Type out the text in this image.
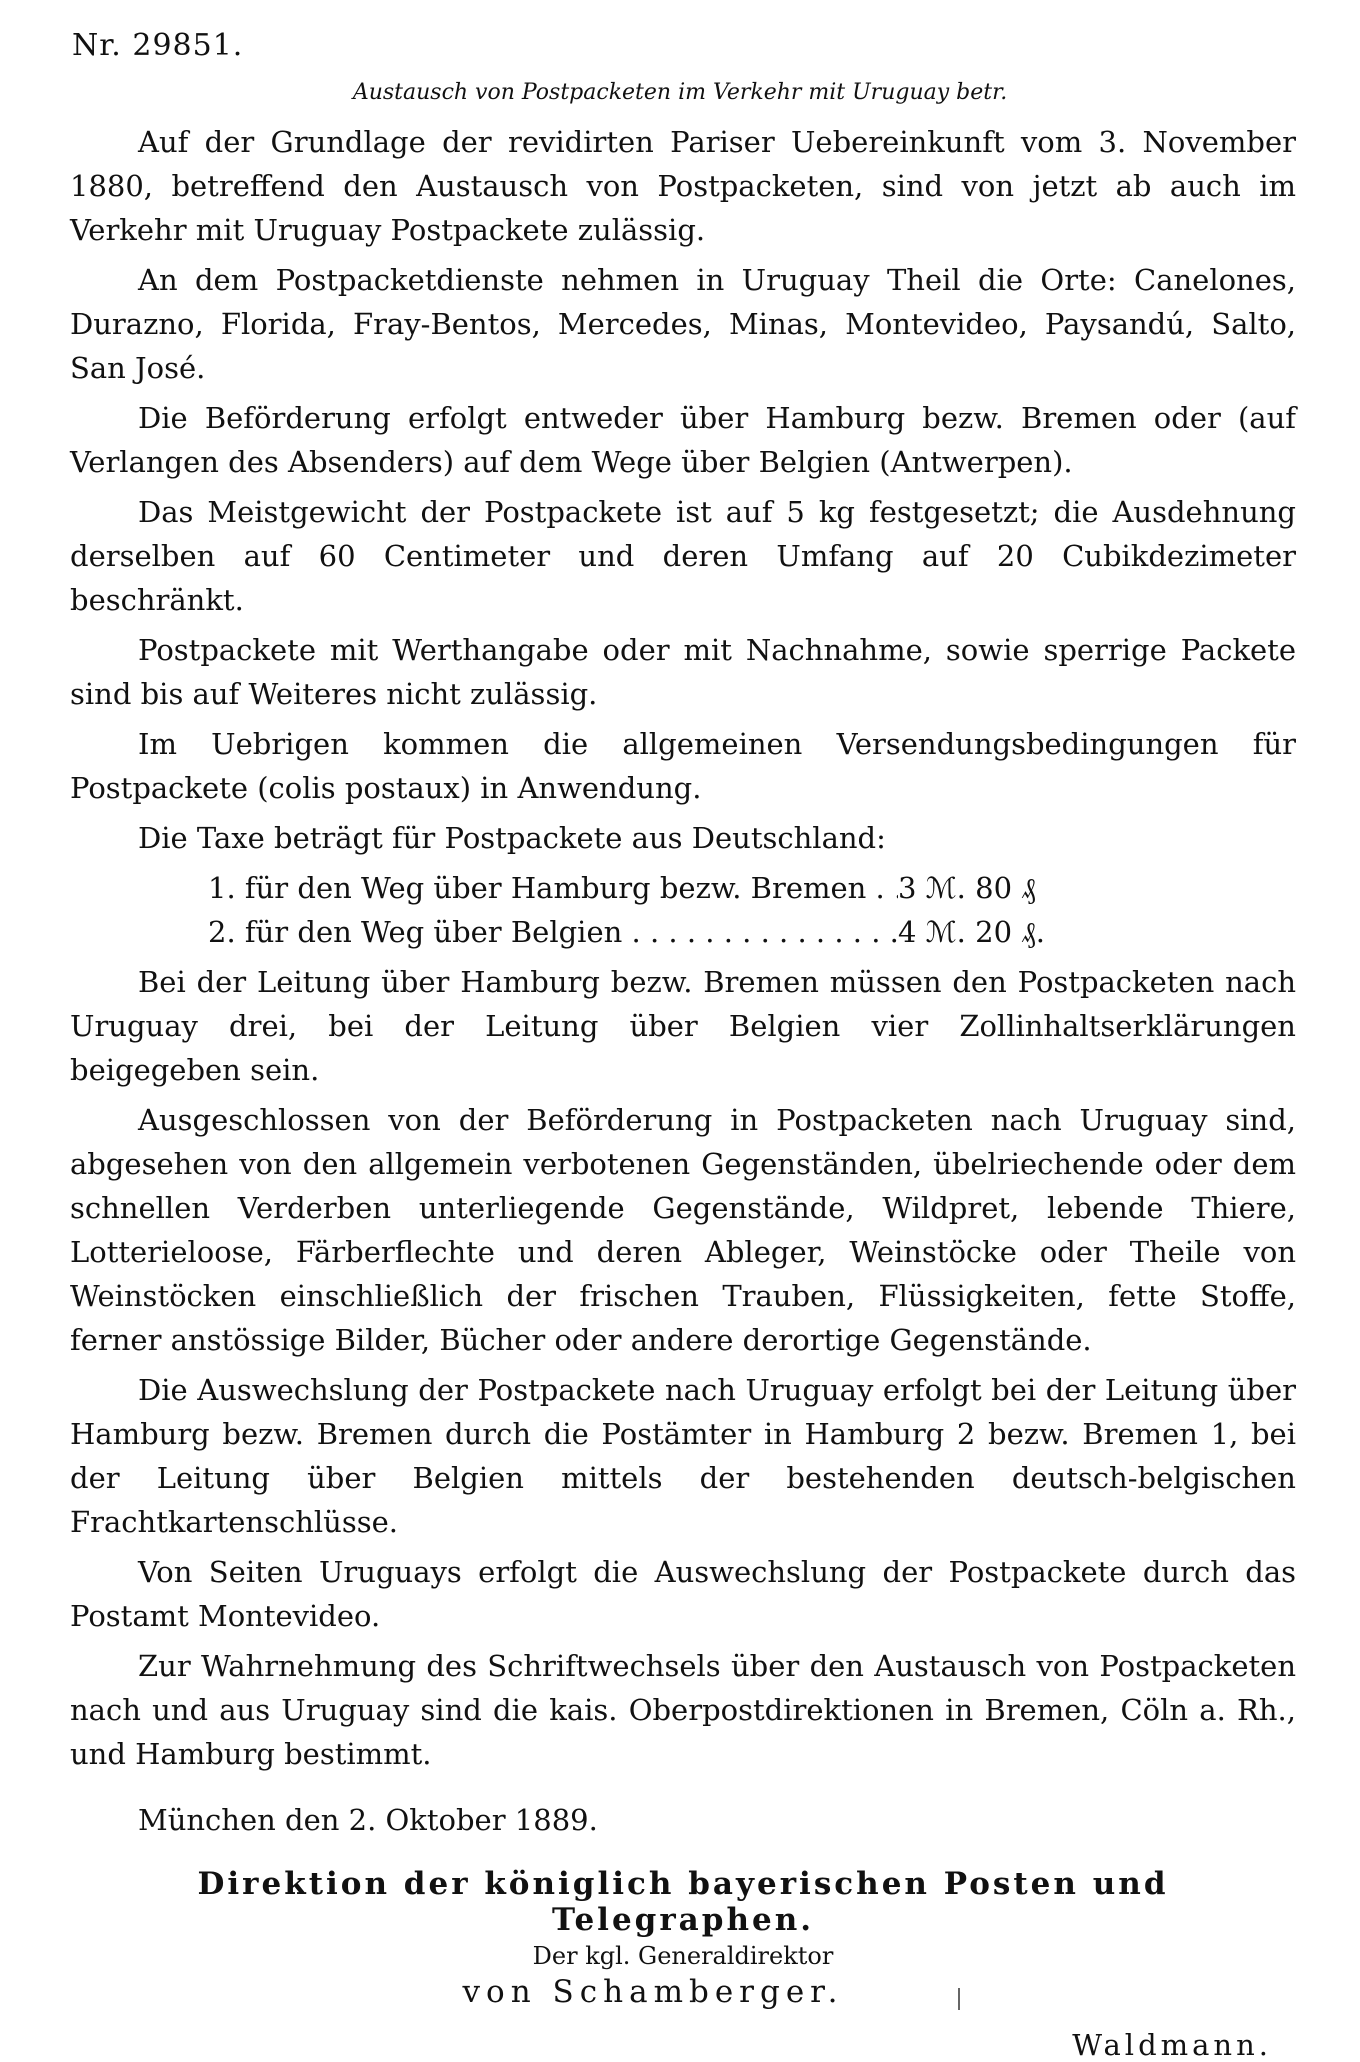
Nr. 29851.
Austausch von Postpacketen im Verkehr mit Uruguay betr.

Auf der Grundlage der revidirten Pariser Uebereinkunft vom 3. November 1880, betreffend den Austausch von Postpacketen, sind von jetzt ab auch im Verkehr mit Uruguay Postpackete zulässig.

An dem Postpacketdienste nehmen in Uruguay Theil die Orte: Canelones, Durazno, Florida, Fray-Bentos, Mercedes, Minas, Montevideo, Paysandú, Salto, San José.

Die Beförderung erfolgt entweder über Hamburg bezw. Bremen oder (auf Verlangen des Absenders) auf dem Wege über Belgien (Antwerpen).

Das Meistgewicht der Postpackete ist auf 5 kg festgesetzt; die Ausdehnung derselben auf 60 Centimeter und deren Umfang auf 20 Cubikdezimeter beschränkt.

Postpackete mit Werthangabe oder mit Nachnahme, sowie sperrige Packete sind bis auf Weiteres nicht zulässig.

Im Uebrigen kommen die allgemeinen Versendungsbedingungen für Postpackete (colis postaux) in Anwendung.

Die Taxe beträgt für Postpackete aus Deutschland:

1. für den Weg über Hamburg bezw. Bremen . . .	3 ℳ. 80 ₰
2. für den Weg über Belgien . . .	4 ℳ. 20 ₰.

Bei der Leitung über Hamburg bezw. Bremen müssen den Postpacketen nach Uruguay drei, bei der Leitung über Belgien vier Zollinhaltserklärungen beigegeben sein.

Ausgeschlossen von der Beförderung in Postpacketen nach Uruguay sind, abgesehen von den allgemein verbotenen Gegenständen, übelriechende oder dem schnellen Verderben unterliegende Gegenstände, Wildpret, lebende Thiere, Lotterieloose, Färberflechte und deren Ableger, Weinstöcke oder Theile von Weinstöcken einschließlich der frischen Trauben, Flüssigkeiten, fette Stoffe, ferner anstössige Bilder, Bücher oder andere derortige Gegenstände.

Die Auswechslung der Postpackete nach Uruguay erfolgt bei der Leitung über Hamburg bezw. Bremen durch die Postämter in Hamburg 2 bezw. Bremen 1, bei der Leitung über Belgien mittels der bestehenden deutsch-belgischen Frachtkartenschlüsse.

Von Seiten Uruguays erfolgt die Auswechslung der Postpackete durch das Postamt Montevideo.

Zur Wahrnehmung des Schriftwechsels über den Austausch von Postpacketen nach und aus Uruguay sind die kais. Oberpostdirektionen in Bremen, Cöln a. Rh., und Hamburg bestimmt.

München den 2. Oktober 1889.
Direktion der königlich bayerischen Posten und Telegraphen.
Der kgl. Generaldirektor
von Schamberger.
Waldmann.
